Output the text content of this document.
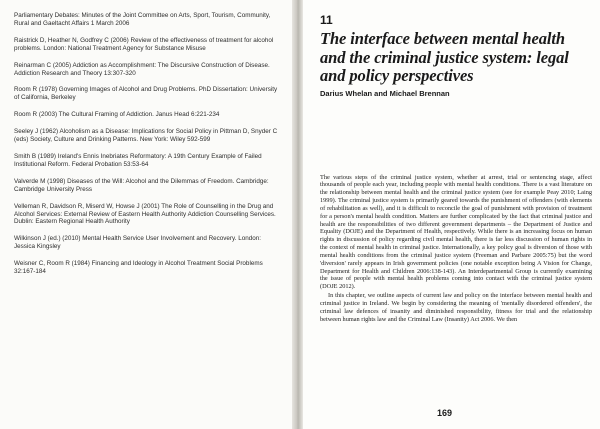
Parliamentary Debates: Minutes of the Joint Committee on Arts, Sport, Tourism, Community, Rural and Gaeltacht Affairs 1 March 2006

Raistrick D, Heather N, Godfrey C (2006) Review of the effectiveness of treatment for alcohol problems. London: National Treatment Agency for Substance Misuse

Reinarman C (2005) Addiction as Accomplishment: The Discursive Construction of Disease. Addiction Research and Theory 13:307-320

Room R (1978) Governing Images of Alcohol and Drug Problems. PhD Dissertation: University of California, Berkeley

Room R (2003) The Cultural Framing of Addiction. Janus Head 6:221-234

Seeley J (1962) Alcoholism as a Disease: Implications for Social Policy in Pittman D, Snyder C (eds) Society, Culture and Drinking Patterns. New York: Wiley 592-599

Smith B (1989) Ireland's Ennis Inebriates Reformatory: A 19th Century Example of Failed Institutional Reform. Federal Probation 53:53-64

Valverde M (1998) Diseases of the Will: Alcohol and the Dilemmas of Freedom. Cambridge: Cambridge University Press

Velleman R, Davidson R, Miserd W, Howse J (2001) The Role of Counselling in the Drug and Alcohol Services: External Review of Eastern Health Authority Addiction Counselling Services. Dublin: Eastern Regional Health Authority

Wilkinson J (ed.) (2010) Mental Health Service User Involvement and Recovery. London: Jessica Kingsley

Weisner C, Room R (1984) Financing and Ideology in Alcohol Treatment Social Problems 32:167-184

11
The interface between mental health and the criminal justice system: legal and policy perspectives
Darius Whelan and Michael Brennan

The various steps of the criminal justice system, whether at arrest, trial or sentencing stage, affect thousands of people each year, including people with mental health conditions. There is a vast literature on the relationship between mental health and the criminal justice system (see for example Peay 2010; Laing 1999). The criminal justice system is primarily geared towards the punishment of offenders (with elements of rehabilitation as well), and it is difficult to reconcile the goal of punishment with provision of treatment for a person's mental health condition. Matters are further complicated by the fact that criminal justice and health are the responsibilities of two different government departments – the Department of Justice and Equality (DOJE) and the Department of Health, respectively. While there is an increasing focus on human rights in discussion of policy regarding civil mental health, there is far less discussion of human rights in the context of mental health in criminal justice. Internationally, a key policy goal is diversion of those with mental health conditions from the criminal justice system (Freeman and Parbare 2005:75) but the word 'diversion' rarely appears in Irish government policies (one notable exception being A Vision for Change, Department for Health and Children 2006:138-143). An Interdepartmental Group is currently examining the issue of people with mental health problems coming into contact with the criminal justice system (DOJE 2012).

In this chapter, we outline aspects of current law and policy on the interface between mental health and criminal justice in Ireland. We begin by considering the meaning of 'mentally disordered offenders', the criminal law defences of insanity and diminished responsibility, fitness for trial and the relationship between human rights law and the Criminal Law (Insanity) Act 2006. We then

169
